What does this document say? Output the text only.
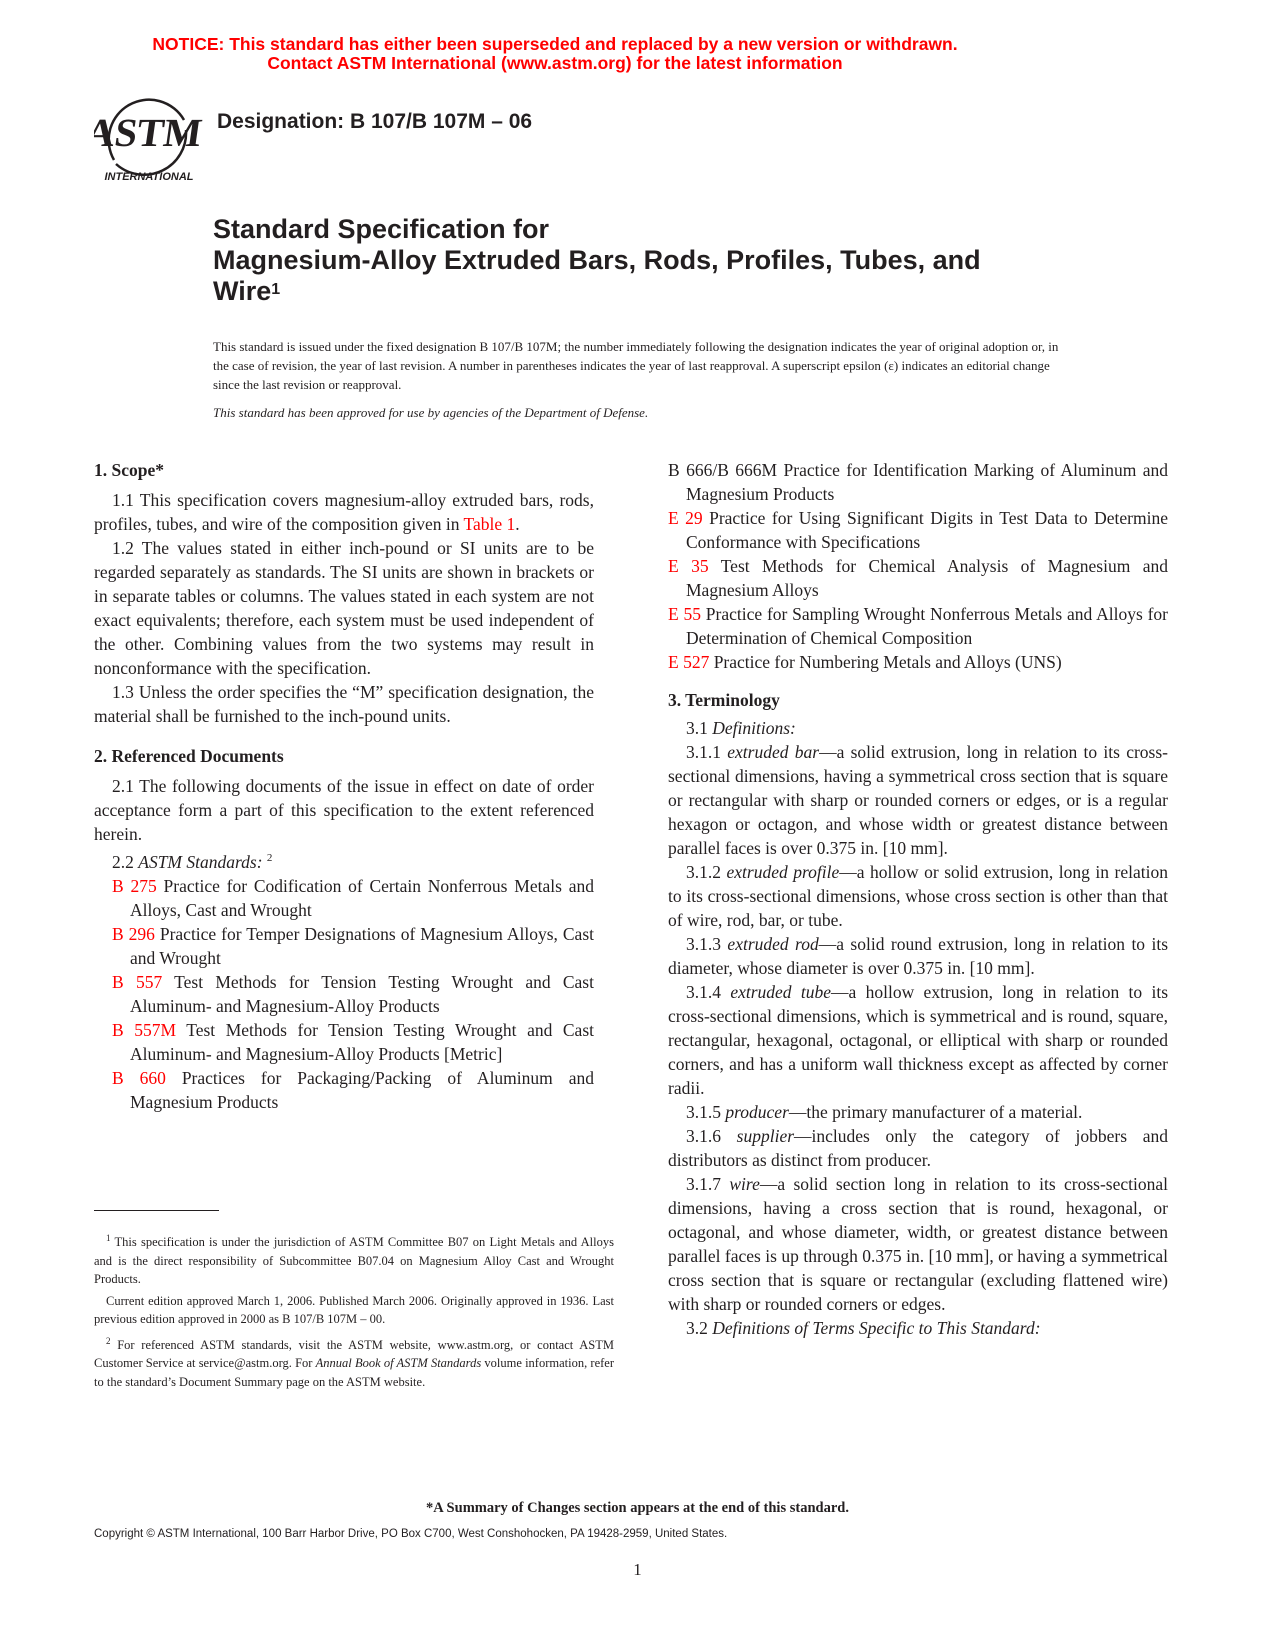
NOTICE: This standard has either been superseded and replaced by a new version or withdrawn.
Contact ASTM International (www.astm.org) for the latest information
ASTM
INTERNATIONAL
Designation: B 107/B 107M – 06
Standard Specification for
Magnesium-Alloy Extruded Bars, Rods, Profiles, Tubes, and
Wire$^1$
This standard is issued under the fixed designation B 107/B 107M; the number immediately following the designation indicates the year of original adoption or, in the case of revision, the year of last revision. A number in parentheses indicates the year of last reapproval. A superscript epsilon (ε) indicates an editorial change since the last revision or reapproval.
This standard has been approved for use by agencies of the Department of Defense.
1. Scope*

1.1 This specification covers magnesium-alloy extruded bars, rods, profiles, tubes, and wire of the composition given in Table 1.

1.2 The values stated in either inch-pound or SI units are to be regarded separately as standards. The SI units are shown in brackets or in separate tables or columns. The values stated in each system are not exact equivalents; therefore, each system must be used independent of the other. Combining values from the two systems may result in nonconformance with the specification.

1.3 Unless the order specifies the “M” specification designation, the material shall be furnished to the inch-pound units.

2. Referenced Documents

2.1 The following documents of the issue in effect on date of order acceptance form a part of this specification to the extent referenced herein.

2.2 ASTM Standards: $^2$

B 275 Practice for Codification of Certain Nonferrous Metals and Alloys, Cast and Wrought

B 296 Practice for Temper Designations of Magnesium Alloys, Cast and Wrought

B 557 Test Methods for Tension Testing Wrought and Cast Aluminum- and Magnesium-Alloy Products

B 557M Test Methods for Tension Testing Wrought and Cast Aluminum- and Magnesium-Alloy Products [Metric]

B 660 Practices for Packaging/Packing of Aluminum and Magnesium Products

B 666/B 666M Practice for Identification Marking of Aluminum and Magnesium Products

E 29 Practice for Using Significant Digits in Test Data to Determine Conformance with Specifications

E 35 Test Methods for Chemical Analysis of Magnesium and Magnesium Alloys

E 55 Practice for Sampling Wrought Nonferrous Metals and Alloys for Determination of Chemical Composition

E 527 Practice for Numbering Metals and Alloys (UNS)

3. Terminology

3.1 Definitions:

3.1.1 extruded bar—a solid extrusion, long in relation to its cross-sectional dimensions, having a symmetrical cross section that is square or rectangular with sharp or rounded corners or edges, or is a regular hexagon or octagon, and whose width or greatest distance between parallel faces is over 0.375 in. [10 mm].

3.1.2 extruded profile—a hollow or solid extrusion, long in relation to its cross-sectional dimensions, whose cross section is other than that of wire, rod, bar, or tube.

3.1.3 extruded rod—a solid round extrusion, long in relation to its diameter, whose diameter is over 0.375 in. [10 mm].

3.1.4 extruded tube—a hollow extrusion, long in relation to its cross-sectional dimensions, which is symmetrical and is round, square, rectangular, hexagonal, octagonal, or elliptical with sharp or rounded corners, and has a uniform wall thickness except as affected by corner radii.

3.1.5 producer—the primary manufacturer of a material.

3.1.6 supplier—includes only the category of jobbers and distributors as distinct from producer.

3.1.7 wire—a solid section long in relation to its cross-sectional dimensions, having a cross section that is round, hexagonal, or octagonal, and whose diameter, width, or greatest distance between parallel faces is up through 0.375 in. [10 mm], or having a symmetrical cross section that is square or rectangular (excluding flattened wire) with sharp or rounded corners or edges.

3.2 Definitions of Terms Specific to This Standard:

$^1$ This specification is under the jurisdiction of ASTM Committee B07 on Light Metals and Alloys and is the direct responsibility of Subcommittee B07.04 on Magnesium Alloy Cast and Wrought Products.

Current edition approved March 1, 2006. Published March 2006. Originally approved in 1936. Last previous edition approved in 2000 as B 107/B 107M – 00.

$^2$ For referenced ASTM standards, visit the ASTM website, www.astm.org, or contact ASTM Customer Service at service@astm.org. For Annual Book of ASTM Standards volume information, refer to the standard’s Document Summary page on the ASTM website.

*A Summary of Changes section appears at the end of this standard.
Copyright © ASTM International, 100 Barr Harbor Drive, PO Box C700, West Conshohocken, PA 19428-2959, United States.
1
